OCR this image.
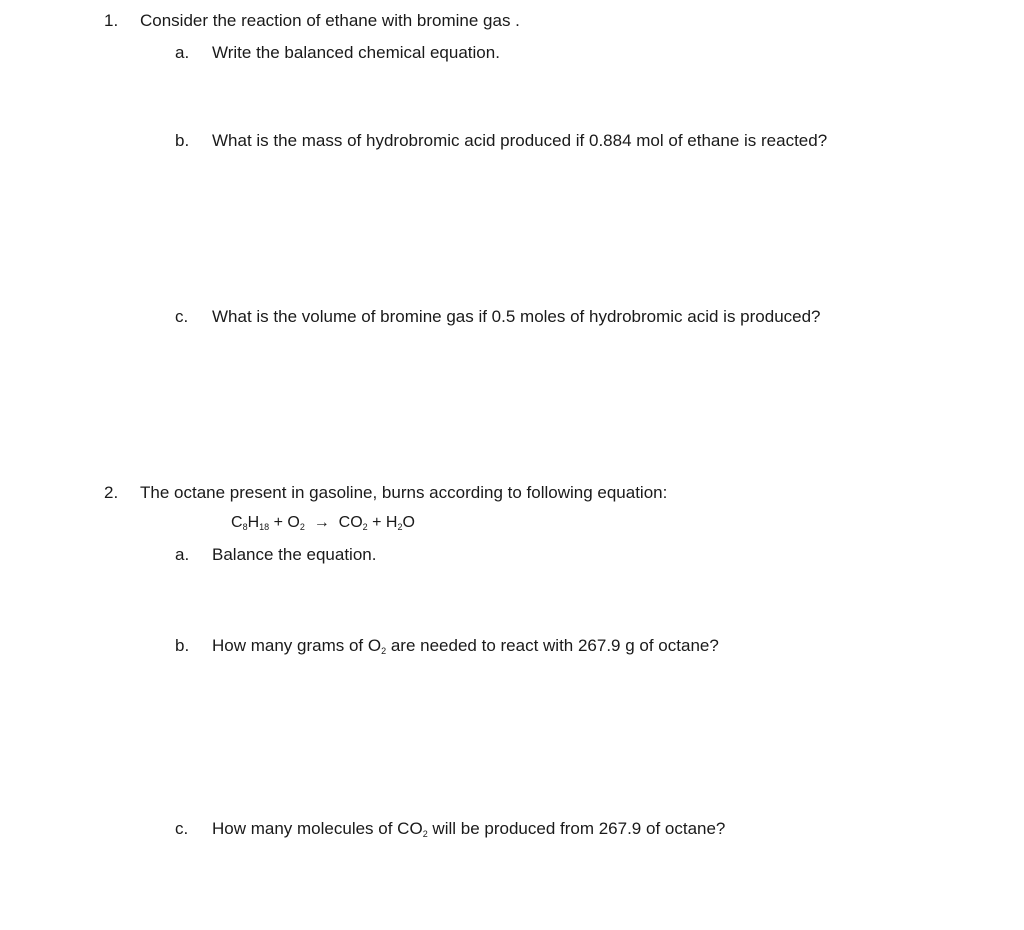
1. Consider the reaction of ethane with bromine gas .
a. Write the balanced chemical equation.
b. What is the mass of hydrobromic acid produced if 0.884 mol of ethane is reacted?
c. What is the volume of bromine gas if 0.5 moles of hydrobromic acid is produced?
2. The octane present in gasoline, burns according to following equation:
$C_8H_{18} + O_2 \to CO_2 + H_2O$
a. Balance the equation.
b. How many grams of $O_2$ are needed to react with 267.9 g of octane?
c. How many molecules of $CO_2$ will be produced from 267.9 of octane?
